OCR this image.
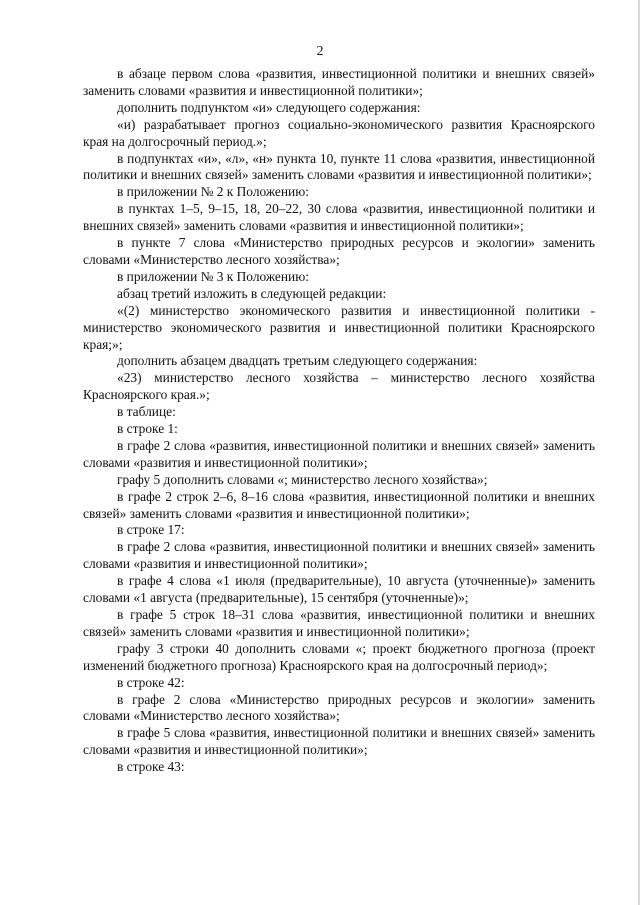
2

в абзаце первом слова «развития, инвестиционной политики и внешних связей» заменить словами «развития и инвестиционной политики»;

дополнить подпунктом «и» следующего содержания:

«и) разрабатывает прогноз социально-экономического развития Красноярского края на долгосрочный период.»;

в подпунктах «и», «л», «н» пункта 10, пункте 11 слова «развития, инвестиционной политики и внешних связей» заменить словами «развития и инвестиционной политики»;

в приложении № 2 к Положению:

в пунктах 1–5, 9–15, 18, 20–22, 30 слова «развития, инвестиционной политики и внешних связей» заменить словами «развития и инвестиционной политики»;

в пункте 7 слова «Министерство природных ресурсов и экологии» заменить словами «Министерство лесного хозяйства»;

в приложении № 3 к Положению:

абзац третий изложить в следующей редакции:

«(2) министерство экономического развития и инвестиционной политики - министерство экономического развития и инвестиционной политики Красноярского края;»;

дополнить абзацем двадцать третьим следующего содержания:

«23) министерство лесного хозяйства – министерство лесного хозяйства Красноярского края.»;

в таблице:

в строке 1:

в графе 2 слова «развития, инвестиционной политики и внешних связей» заменить словами «развития и инвестиционной политики»;

графу 5 дополнить словами «; министерство лесного хозяйства»;

в графе 2 строк 2–6, 8–16 слова «развития, инвестиционной политики и внешних связей» заменить словами «развития и инвестиционной политики»;

в строке 17:

в графе 2 слова «развития, инвестиционной политики и внешних связей» заменить словами «развития и инвестиционной политики»;

в графе 4 слова «1 июля (предварительные), 10 августа (уточненные)» заменить словами «1 августа (предварительные), 15 сентября (уточненные)»;

в графе 5 строк 18–31 слова «развития, инвестиционной политики и внешних связей» заменить словами «развития и инвестиционной политики»;

графу 3 строки 40 дополнить словами «; проект бюджетного прогноза (проект изменений бюджетного прогноза) Красноярского края на долгосрочный период»;

в строке 42:

в графе 2 слова «Министерство природных ресурсов и экологии» заменить словами «Министерство лесного хозяйства»;

в графе 5 слова «развития, инвестиционной политики и внешних связей» заменить словами «развития и инвестиционной политики»;

в строке 43:
